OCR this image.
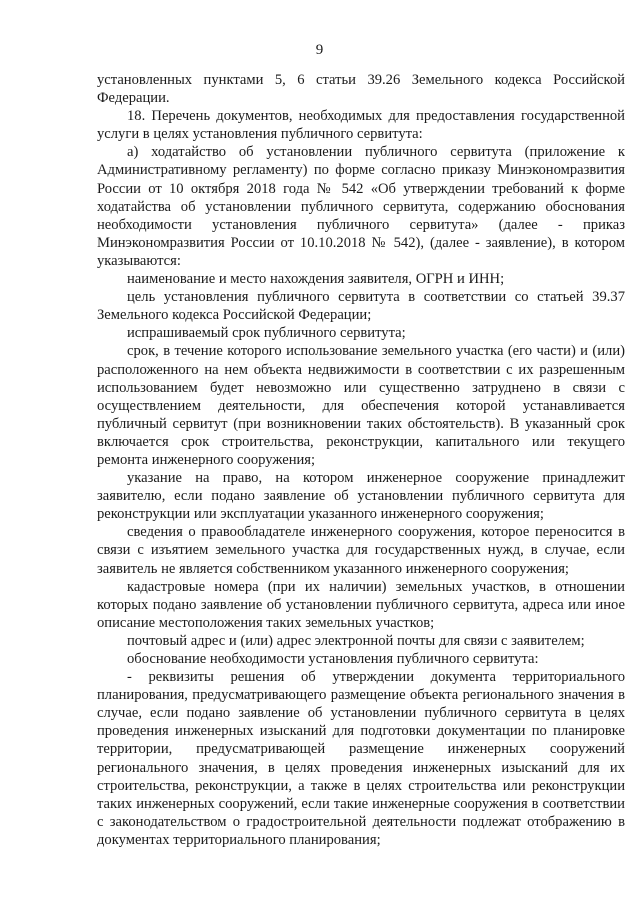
9

установленных пунктами 5, 6 статьи 39.26 Земельного кодекса Российской Федерации.

18. Перечень документов, необходимых для предоставления государственной услуги в целях установления публичного сервитута:

а) ходатайство об установлении публичного сервитута (приложение к Административному регламенту) по форме согласно приказу Минэкономразвития России от 10 октября 2018 года № 542 «Об утверждении требований к форме ходатайства об установлении публичного сервитута, содержанию обоснования необходимости установления публичного сервитута» (далее - приказ Минэкономразвития России от 10.10.2018 № 542), (далее - заявление), в котором указываются:

наименование и место нахождения заявителя, ОГРН и ИНН;

цель установления публичного сервитута в соответствии со статьей 39.37 Земельного кодекса Российской Федерации;

испрашиваемый срок публичного сервитута;

срок, в течение которого использование земельного участка (его части) и (или) расположенного на нем объекта недвижимости в соответствии с их разрешенным использованием будет невозможно или существенно затруднено в связи с осуществлением деятельности, для обеспечения которой устанавливается публичный сервитут (при возникновении таких обстоятельств). В указанный срок включается срок строительства, реконструкции, капитального или текущего ремонта инженерного сооружения;

указание на право, на котором инженерное сооружение принадлежит заявителю, если подано заявление об установлении публичного сервитута для реконструкции или эксплуатации указанного инженерного сооружения;

сведения о правообладателе инженерного сооружения, которое переносится в связи с изъятием земельного участка для государственных нужд, в случае, если заявитель не является собственником указанного инженерного сооружения;

кадастровые номера (при их наличии) земельных участков, в отношении которых подано заявление об установлении публичного сервитута, адреса или иное описание местоположения таких земельных участков;

почтовый адрес и (или) адрес электронной почты для связи с заявителем;

обоснование необходимости установления публичного сервитута:

- реквизиты решения об утверждении документа территориального планирования, предусматривающего размещение объекта регионального значения в случае, если подано заявление об установлении публичного сервитута в целях проведения инженерных изысканий для подготовки документации по планировке территории, предусматривающей размещение инженерных сооружений регионального значения, в целях проведения инженерных изысканий для их строительства, реконструкции, а также в целях строительства или реконструкции таких инженерных сооружений, если такие инженерные сооружения в соответствии с законодательством о градостроительной деятельности подлежат отображению в документах территориального планирования;
